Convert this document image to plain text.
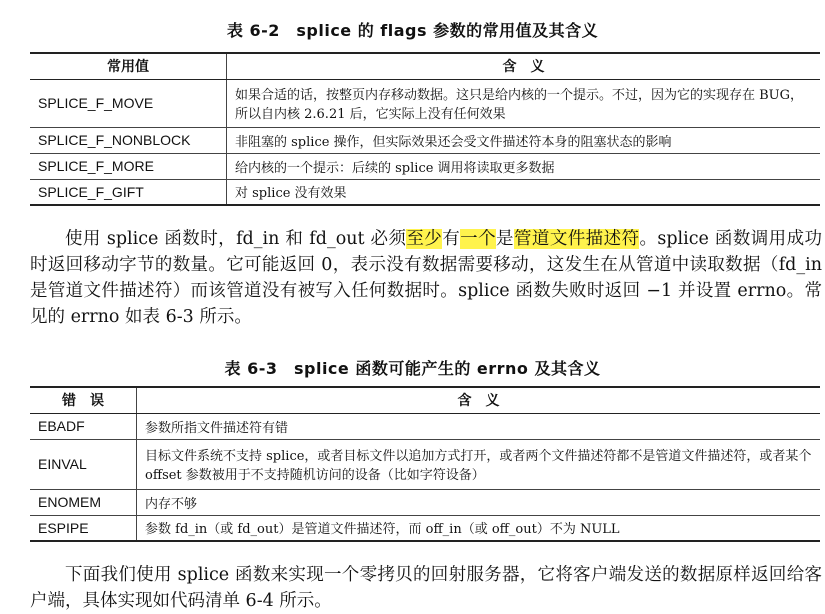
表 6-2　splice 的 flags 参数的常用值及其含义
常用值	含　义
SPLICE_F_MOVE	如果合适的话，按整页内存移动数据。这只是给内核的一个提示。不过，因为它的实现存在 BUG，所以自内核 2.6.21 后，它实际上没有任何效果
SPLICE_F_NONBLOCK	非阻塞的 splice 操作，但实际效果还会受文件描述符本身的阻塞状态的影响
SPLICE_F_MORE	给内核的一个提示：后续的 splice 调用将读取更多数据
SPLICE_F_GIFT	对 splice 没有效果

使用 splice 函数时，fd_in 和 fd_out 必须至少有一个是管道文件描述符。splice 函数调用成功时返回移动字节的数量。它可能返回 0，表示没有数据需要移动，这发生在从管道中读取数据（fd_in 是管道文件描述符）而该管道没有被写入任何数据时。splice 函数失败时返回 −1 并设置 errno。常见的 errno 如表 6-3 所示。

表 6-3　splice 函数可能产生的 errno 及其含义
错　误	含　义
EBADF	参数所指文件描述符有错
EINVAL	目标文件系统不支持 splice，或者目标文件以追加方式打开，或者两个文件描述符都不是管道文件描述符，或者某个 offset 参数被用于不支持随机访问的设备（比如字符设备）
ENOMEM	内存不够
ESPIPE	参数 fd_in（或 fd_out）是管道文件描述符，而 off_in（或 off_out）不为 NULL

下面我们使用 splice 函数来实现一个零拷贝的回射服务器，它将客户端发送的数据原样返回给客户端，具体实现如代码清单 6-4 所示。
